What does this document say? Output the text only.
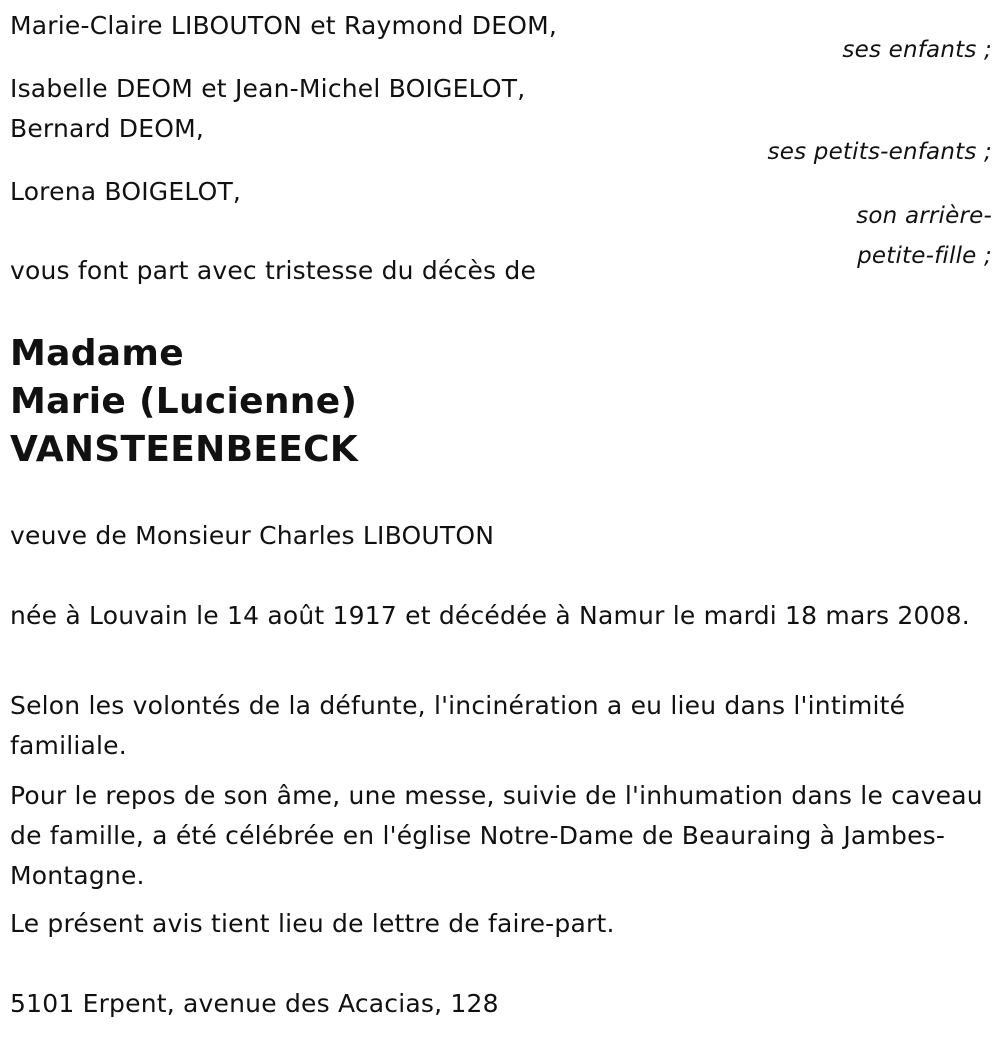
Marie-Claire LIBOUTON et Raymond DEOM,

ses enfants ;

Isabelle DEOM et Jean-Michel BOIGELOT,

Bernard DEOM,

ses petits-enfants ;

Lorena BOIGELOT,

son arrière-

petite-fille ;

vous font part avec tristesse du décès de

Madame
Marie (Lucienne)
VANSTEENBEECK

veuve de Monsieur Charles LIBOUTON

née à Louvain le 14 août 1917 et décédée à Namur le mardi 18 mars 2008.

Selon les volontés de la défunte, l'incinération a eu lieu dans l'intimité familiale.

Pour le repos de son âme, une messe, suivie de l'inhumation dans le caveau de famille, a été célébrée en l'église Notre-Dame de Beauraing à Jambes-Montagne.

Le présent avis tient lieu de lettre de faire-part.

5101 Erpent, avenue des Acacias, 128
